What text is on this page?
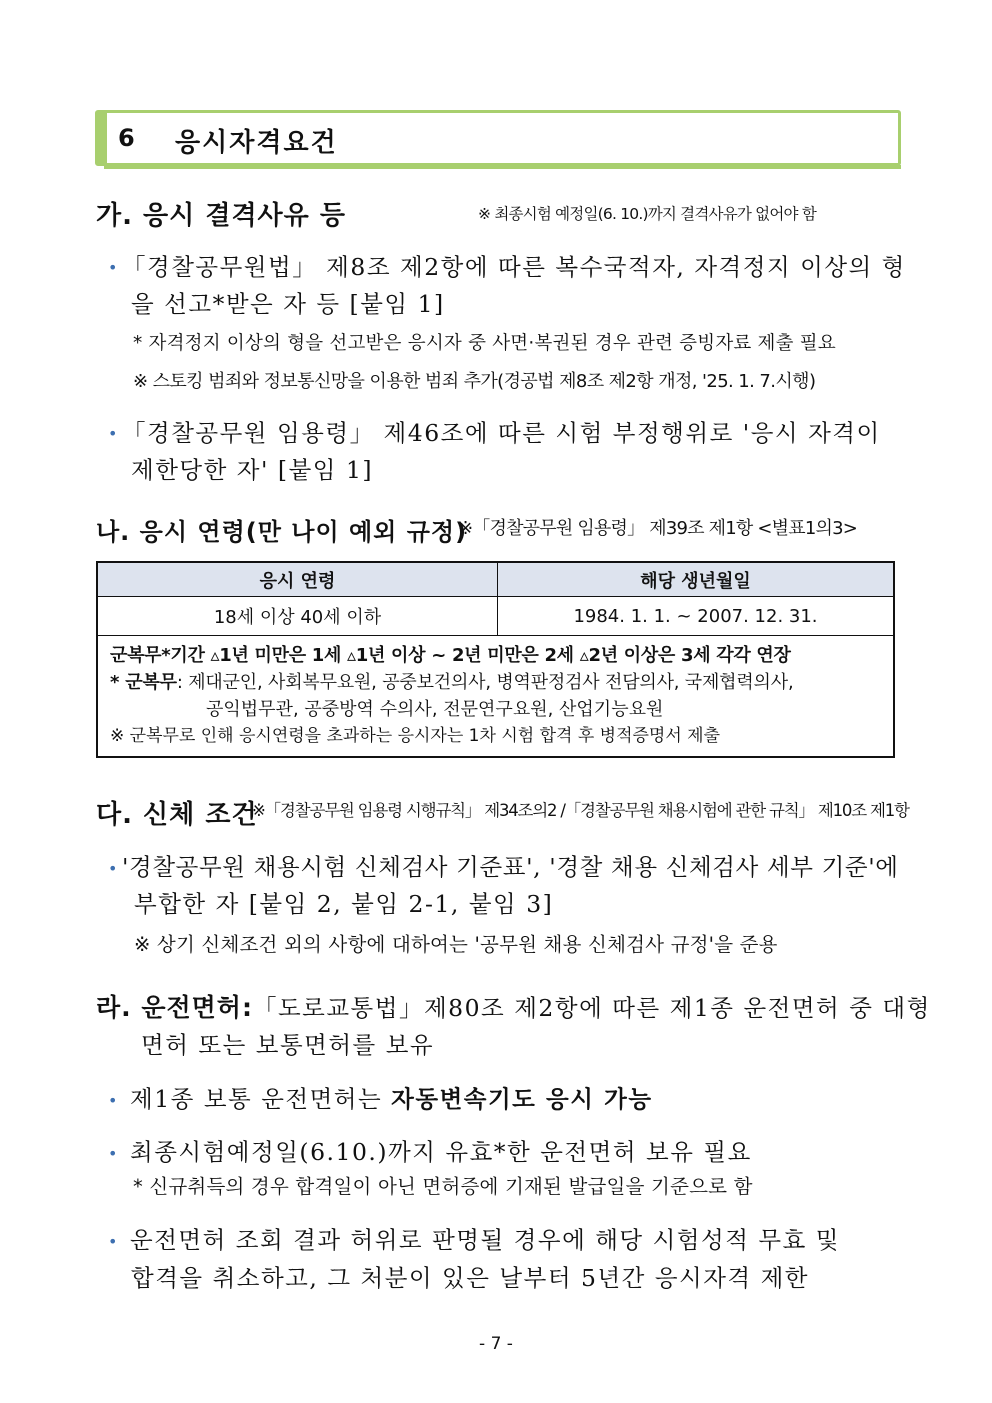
6 응시자격요건
가. 응시 결격사유 등	※ 최종시험 예정일(6. 10.)까지 결격사유가 없어야 함
• 「경찰공무원법」 제8조 제2항에 따른 복수국적자, 자격정지 이상의 형
을 선고*받은 자 등 [붙임 1]
* 자격정지 이상의 형을 선고받은 응시자 중 사면·복권된 경우 관련 증빙자료 제출 필요
※ 스토킹 범죄와 정보통신망을 이용한 범죄 추가(경공법 제8조 제2항 개정, '25. 1. 7.시행)
• 「경찰공무원 임용령」 제46조에 따른 시험 부정행위로 '응시 자격이
제한당한 자' [붙임 1]
나. 응시 연령(만 나이 예외 규정)
※「경찰공무원 임용령」 제39조 제1항 <별표1의3>
응시 연령	해당 생년월일
18세 이상 40세 이하	1984. 1. 1. ~ 2007. 12. 31.
군복무*기간 ▵1년 미만은 1세 ▵1년 이상 ~ 2년 미만은 2세 ▵2년 이상은 3세 각각 연장
* 군복무: 제대군인, 사회복무요원, 공중보건의사, 병역판정검사 전담의사, 국제협력의사,
공익법무관, 공중방역 수의사, 전문연구요원, 산업기능요원
※ 군복무로 인해 응시연령을 초과하는 응시자는 1차 시험 합격 후 병적증명서 제출
다. 신체 조건
※「경찰공무원 임용령 시행규칙」 제34조의2 /「경찰공무원 채용시험에 관한 규칙」 제10조 제1항
• '경찰공무원 채용시험 신체검사 기준표', '경찰 채용 신체검사 세부 기준'에
부합한 자 [붙임 2, 붙임 2-1, 붙임 3]
※ 상기 신체조건 외의 사항에 대하여는 '공무원 채용 신체검사 규정'을 준용
라. 운전면허:「도로교통법」제80조 제2항에 따른 제1종 운전면허 중 대형
면허 또는 보통면허를 보유
• 제1종 보통 운전면허는 자동변속기도 응시 가능
• 최종시험예정일(6.10.)까지 유효*한 운전면허 보유 필요
* 신규취득의 경우 합격일이 아닌 면허증에 기재된 발급일을 기준으로 함
• 운전면허 조회 결과 허위로 판명될 경우에 해당 시험성적 무효 및
합격을 취소하고, 그 처분이 있은 날부터 5년간 응시자격 제한
- 7 -
